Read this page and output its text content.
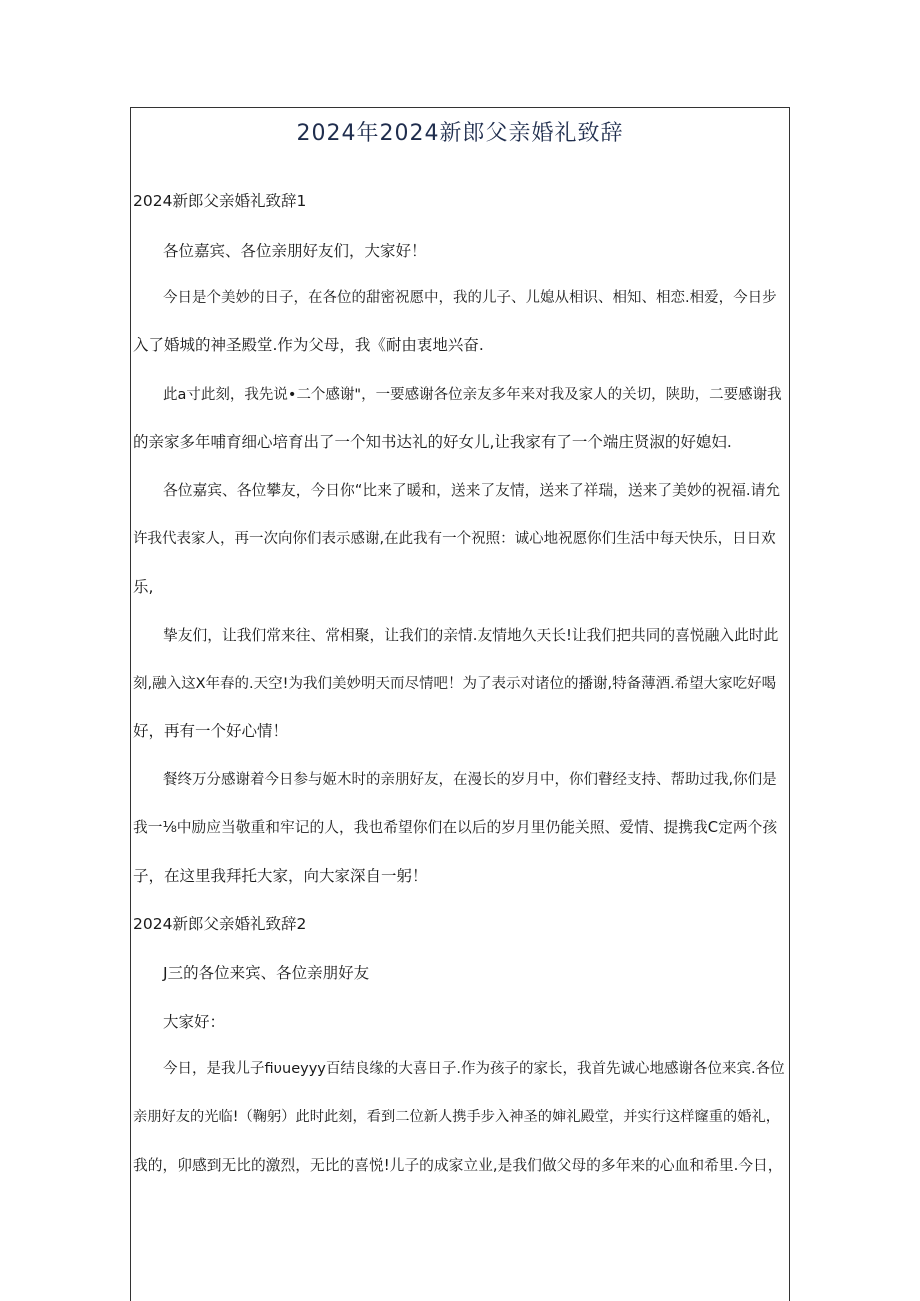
2024年2024新郎父亲婚礼致辞
2024新郎父亲婚礼致辞1
各位嘉宾、各位亲朋好友们，大家好！
今日是个美妙的日子，在各位的甜密祝愿中，我的儿子、儿媳从相识、相知、相恋.相爱，今日步
入了婚城的神圣殿堂.作为父母，我《耐由衷地兴奋.
此a寸此刻，我先说•二个感谢"，一要感谢各位亲友多年来对我及家人的关切，陕助，二要感谢我
的亲家多年哺育细心培育出了一个知书达礼的好女儿,让我家有了一个端庄贤淑的好媳妇.
各位嘉宾、各位攀友，今日你“比来了暖和，送来了友情，送来了祥瑞，送来了美妙的祝福.请允
许我代表家人，再一次向你们表示感谢,在此我有一个祝照：诚心地祝愿你们生活中每天快乐，日日欢
乐,
挚友们，让我们常来往、常相聚，让我们的亲情.友情地久天长!让我们把共同的喜悦融入此时此
刻,融入这X年春的.天空!为我们美妙明天而尽情吧！为了表示对诸位的播谢,特备薄酒.希望大家吃好喝
好，再有一个好心情！
餐终万分感谢着今日参与姬木时的亲朋好友，在漫长的岁月中，你们瞽经支持、帮助过我,你们是
我一⅛中励应当敬重和牢记的人，我也希望你们在以后的岁月里仍能关照、爱情、提携我C定两个孩
子，在这里我拜托大家，向大家深自一躬！
2024新郎父亲婚礼致辞2
J三的各位来宾、各位亲朋好友
大家好：
今日，是我儿子fiυueyyy百结良缘的大喜日子.作为孩子的家长，我首先诚心地感谢各位来宾.各位
亲朋好友的光临!（鞠躬）此时此刻，看到二位新人携手步入神圣的婶礼殿堂，并实行这样窿重的婚礼，
我的，卯感到无比的激烈，无比的喜悦!儿子的成家立业,是我们做父母的多年来的心血和希里.今日，
